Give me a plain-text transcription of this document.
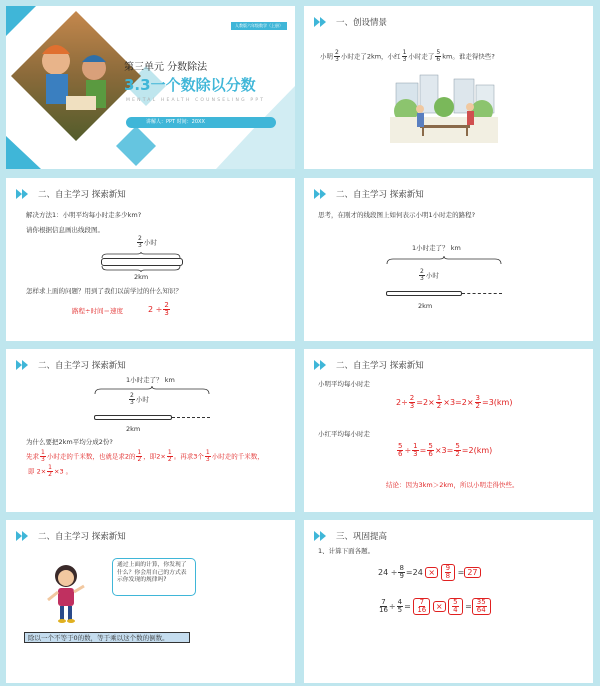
人教版六年级数学（上册）
第三单元 分数除法
3.3一个数除以分数
MENTAL HEALTH COUNSELING PPT
讲解人：PPT 时间：20XX
一、创设情景
小明 $\frac{2}{3}$ 小时走了2km，小红 $\frac{1}{3}$ 小时走了 $\frac{5}{6}$ km。谁走得快些?
二、自主学习 探索新知
解决方法1：小明平均每小时走多少km?
请你根据信息画出线段图。
$\frac{2}{3}$ 小时
2km
怎样求上面的问题？用到了我们以前学过的什么知识？
路程÷时间＝速度	$2 \div \frac{2}{3}$
二、自主学习 探索新知
思考，在刚才的线段图上如何表示小明1小时走的路程?
1小时走了？ km
$\frac{2}{3}$ 小时
2km
二、自主学习 探索新知
1小时走了？ km
$\frac{2}{3}$ 小时
2km
为什么要把2km平均分成2份?
先求 $\frac{1}{3}$ 小时走的千米数，也就是求2的 $\frac{1}{2}$ ，即$2\times \frac{1}{2}$ 。再求3个 $\frac{1}{3}$ 小时走的千米数，
即 $2\times \frac{1}{2} \times 3$ 。
二、自主学习 探索新知
小明平均每小时走
$2\div \frac{2}{3} =2\times \frac{1}{2} \times 3=2\times \frac{3}{2} =3(km)$
小红平均每小时走
$\frac{5}{6} \div \frac{1}{3} = \frac{5}{6} \times 3= \frac{5}{2} =2(km)$
结论：因为3km＞2km，所以小明走得快些。
二、自主学习 探索新知
通过上面的计算，你发现了什么？你会用自己的方式表示你发现的规律吗?
除以一个不等于0的数，等于乘以这个数的倒数。
三、巩固提高
1、计算下面各题。
$24 \div \frac{8}{9} =24 \times \frac{9}{8} = 27$
$\frac{7}{16} \div \frac{4}{5} = \frac{7}{16} \times \frac{5}{4} = \frac{35}{64}$
